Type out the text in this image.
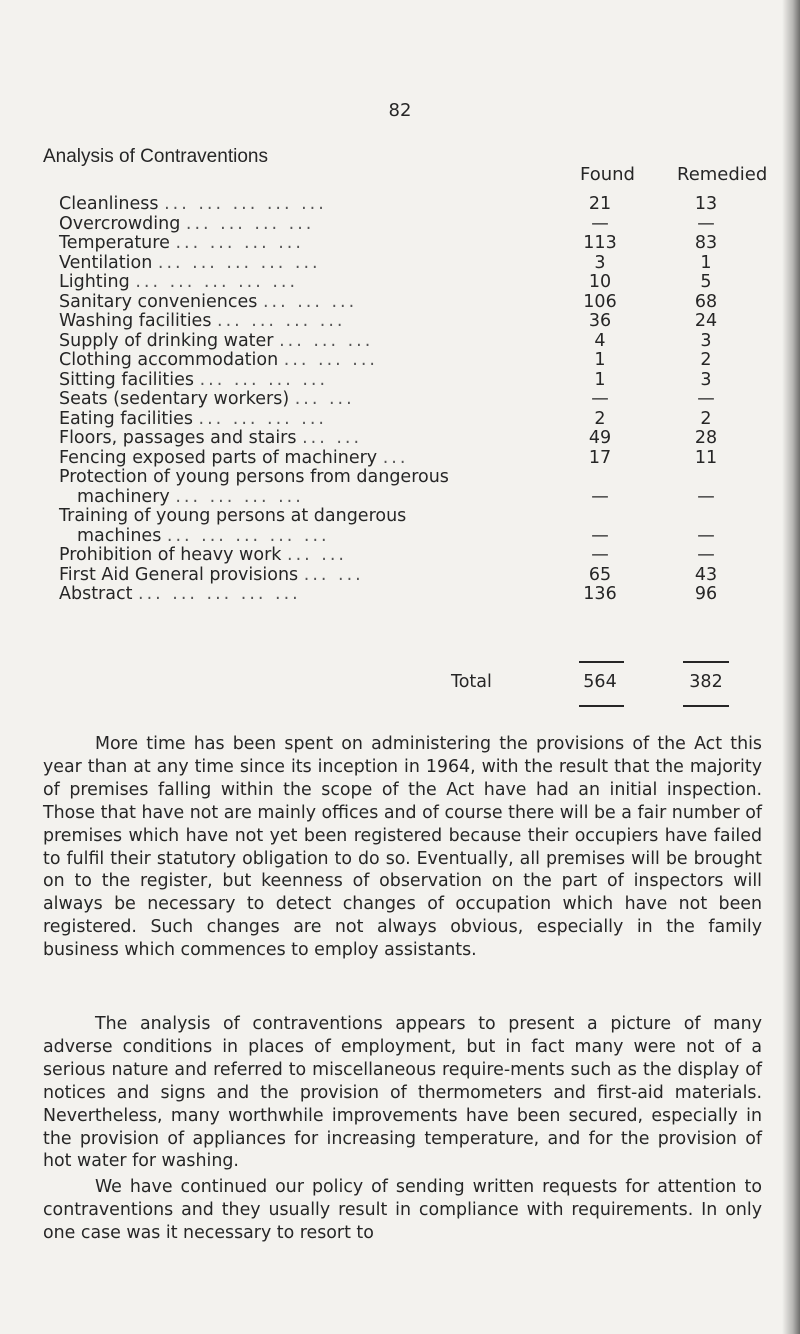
82
Analysis of Contraventions
Found Remedied
Cleanliness ... ... ... ... ...	21	13
Overcrowding ... ... ... ...	—	—
Temperature ... ... ... ...	113	83
Ventilation ... ... ... ... ...	3	1
Lighting ... ... ... ... ...	10	5
Sanitary conveniences ... ... ...	106	68
Washing facilities ... ... ... ...	36	24
Supply of drinking water ... ... ...	4	3
Clothing accommodation ... ... ...	1	2
Sitting facilities ... ... ... ...	1	3
Seats (sedentary workers) ... ...	—	—
Eating facilities ... ... ... ...	2	2
Floors, passages and stairs ... ...	49	28
Fencing exposed parts of machinery ...	17	11
Protection of young persons from dangerous
machinery ... ... ... ...	—	—
Training of young persons at dangerous
machines ... ... ... ... ...	—	—
Prohibition of heavy work ... ...	—	—
First Aid General provisions ... ...	65	43
Abstract ... ... ... ... ...	136	96
Total	564	382
More time has been spent on administering the provisions of the Act this year than at any time since its inception in 1964, with the result that the majority of premises falling within the scope of the Act have had an initial inspection. Those that have not are mainly offices and of course there will be a fair number of premises which have not yet been registered because their occupiers have failed to fulfil their statutory obligation to do so. Eventually, all premises will be brought on to the register, but keenness of observation on the part of inspectors will always be necessary to detect changes of occupation which have not been registered. Such changes are not always obvious, especially in the family business which commences to employ assistants.
The analysis of contraventions appears to present a picture of many adverse conditions in places of employment, but in fact many were not of a serious nature and referred to miscellaneous require-ments such as the display of notices and signs and the provision of thermometers and first-aid materials. Nevertheless, many worthwhile improvements have been secured, especially in the provision of appliances for increasing temperature, and for the provision of hot water for washing.
We have continued our policy of sending written requests for attention to contraventions and they usually result in compliance with requirements. In only one case was it necessary to resort to
